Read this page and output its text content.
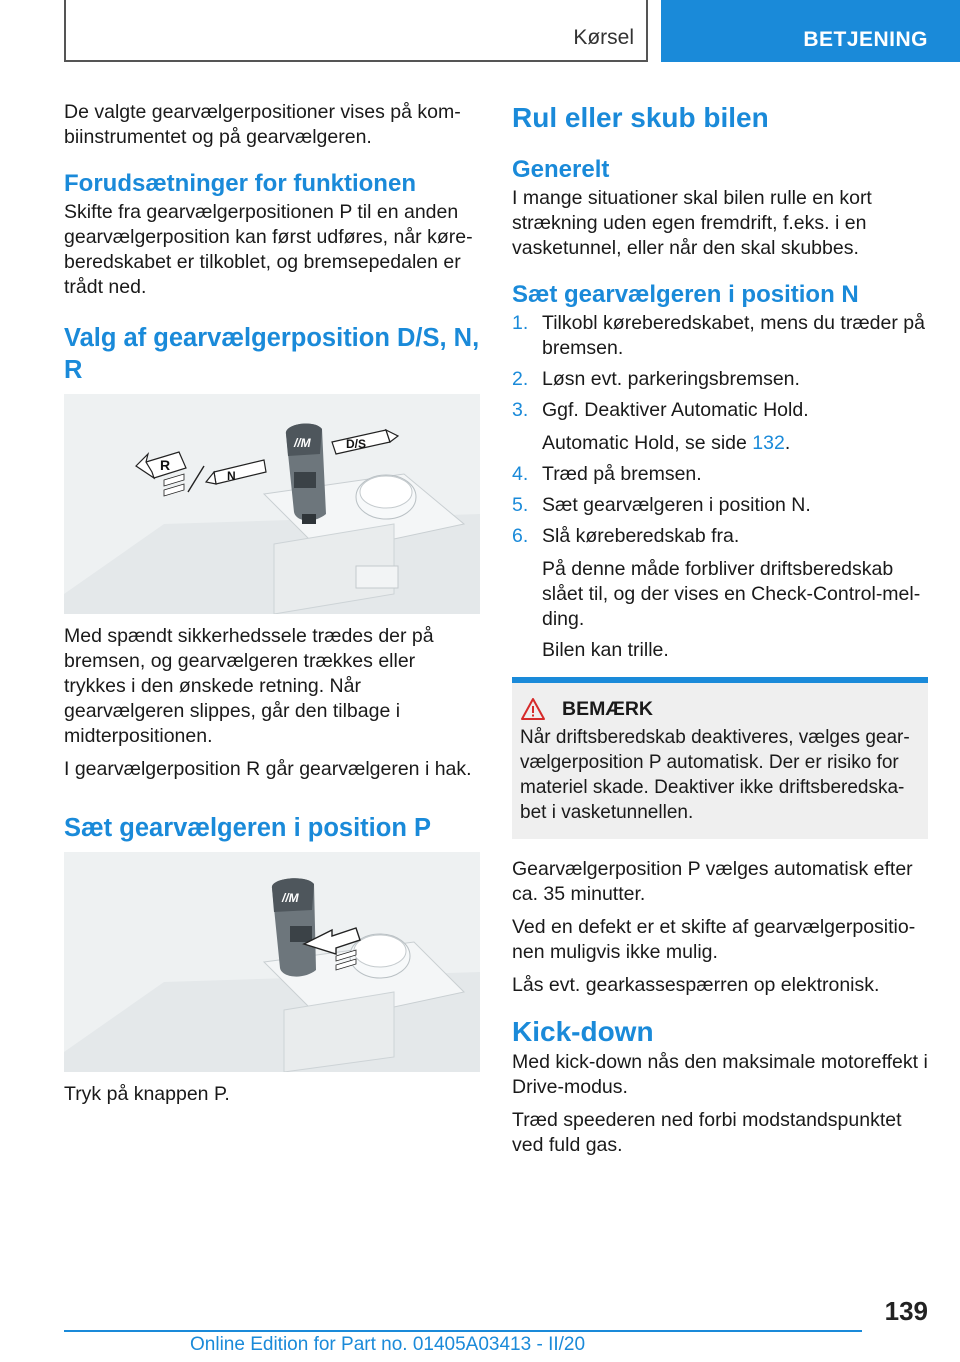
Kørsel	BETJENING

De valgte gearvælgerpositioner vises på kombiinstrumentet og på gearvælgeren.

Forudsætninger for funktionen

Skifte fra gearvælgerpositionen P til en anden gearvælgerposition kan først udføres, når køreberedskabet er tilkoblet, og bremsepedalen er trådt ned.

Valg af gearvælgerposition D/S, N, R
//M
R
N
D/S

Med spændt sikkerhedssele trædes der på bremsen, og gearvælgeren trækkes eller trykkes i den ønskede retning. Når gearvælgeren slippes, går den tilbage i midterpositionen.

I gearvælgerposition R går gearvælgeren i hak.

Sæt gearvælgeren i position P
//M

Tryk på knappen P.

Rul eller skub bilen
Generelt

I mange situationer skal bilen rulle en kort strækning uden egen fremdrift, f.eks. i en vasketunnel, eller når den skal skubbes.

Sæt gearvælgeren i position N
1. Tilkobl køreberedskabet, mens du træder på bremsen.
2. Løsn evt. parkeringsbremsen.
3. Ggf. Deaktiver Automatic Hold.
Automatic Hold, se side 132.
4. Træd på bremsen.
5. Sæt gearvælgeren i position N.
6. Slå køreberedskab fra.
På denne måde forbliver driftsberedskab slået til, og der vises en Check-Control-melding.
Bilen kan trille.
BEMÆRK

Når driftsberedskab deaktiveres, vælges gearvælgerposition P automatisk. Der er risiko for materiel skade. Deaktiver ikke driftsberedskabet i vasketunnellen.

Gearvælgerposition P vælges automatisk efter ca. 35 minutter.

Ved en defekt er et skifte af gearvælgerpositionen muligvis ikke mulig.

Lås evt. gearkassespærren op elektronisk.

Kick-down

Med kick-down nås den maksimale motoreffekt i Drive-modus.

Træd speederen ned forbi modstandspunktet ved fuld gas.

139
Online Edition for Part no. 01405A03413 - II/20
